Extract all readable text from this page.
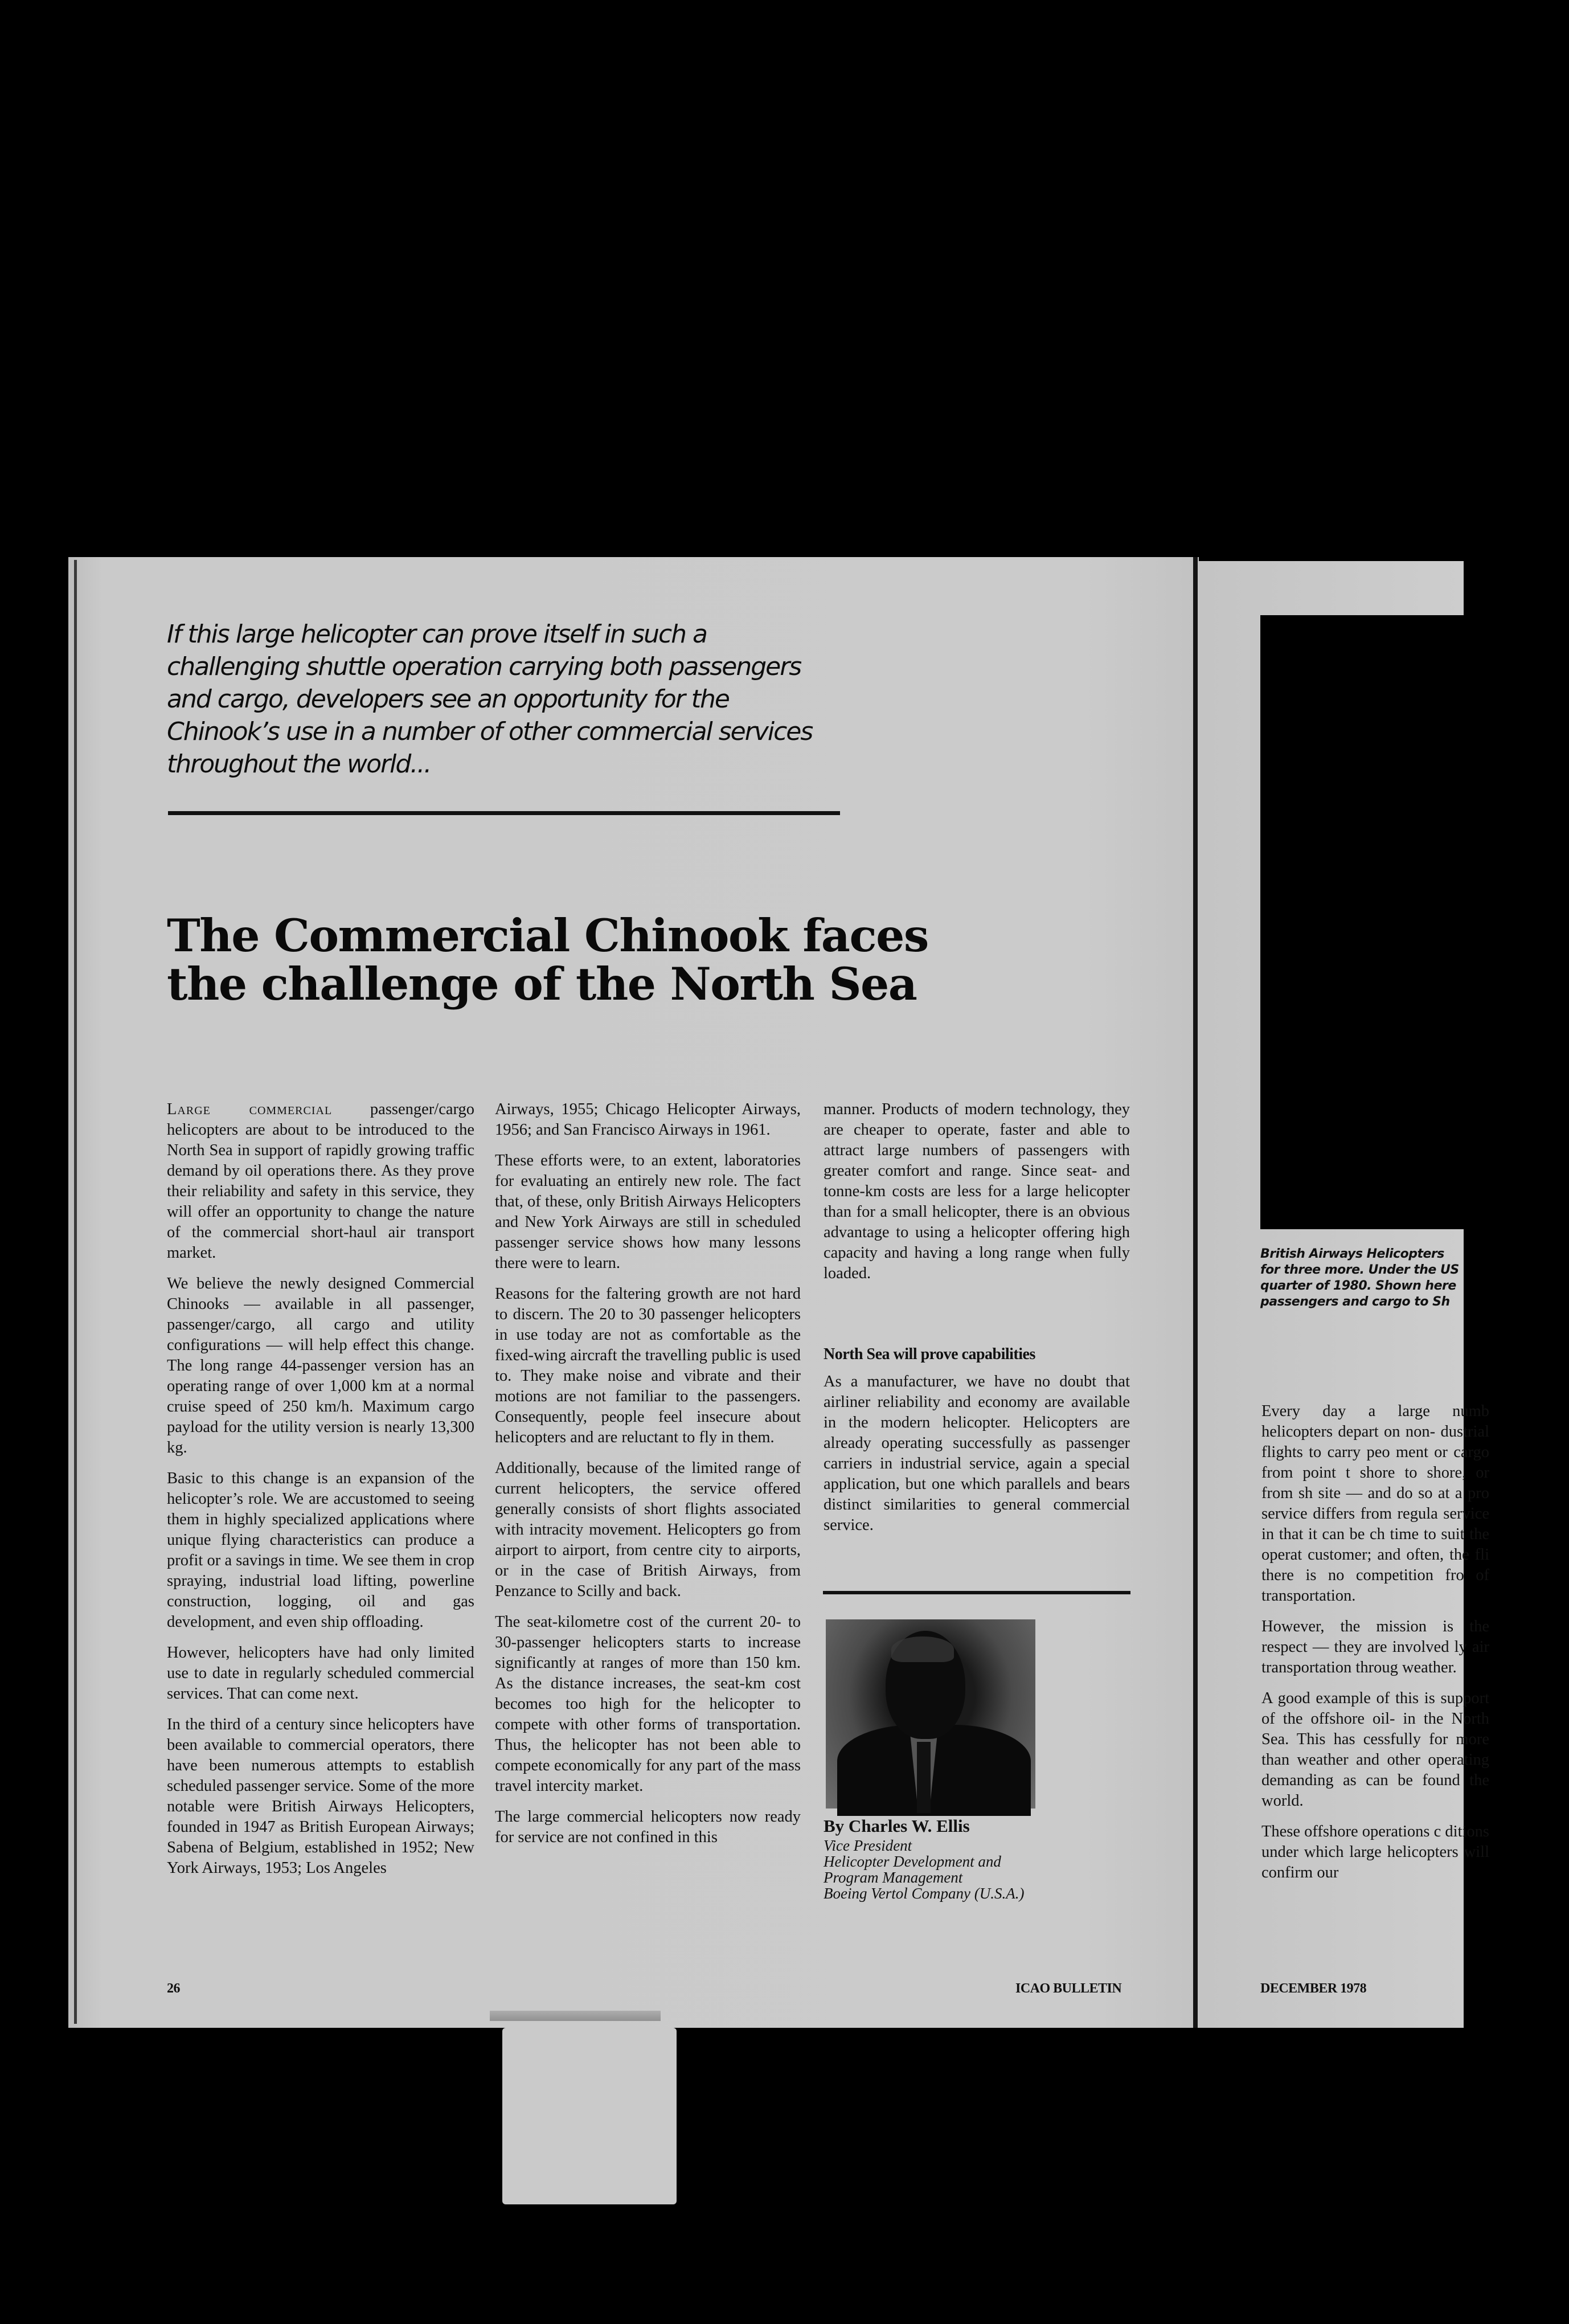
If this large helicopter can prove itself in such a
challenging shuttle operation carrying both passengers
and cargo, developers see an opportunity for the
Chinook’s use in a number of other commercial services
throughout the world...
The Commercial Chinook faces
the challenge of the North Sea

Large commercial passenger/cargo helicopters are about to be introduced to the North Sea in support of rapidly growing traffic demand by oil operations there. As they prove their reliability and safety in this service, they will offer an opportunity to change the nature of the commercial short-haul air transport market.

We believe the newly designed Commercial Chinooks — available in all passenger, passenger/cargo, all cargo and utility configurations — will help effect this change. The long range 44-passenger version has an operating range of over 1,000 km at a normal cruise speed of 250 km/h. Maximum cargo payload for the utility version is nearly 13,300 kg.

Basic to this change is an expansion of the helicopter’s role. We are accustomed to seeing them in highly specialized applications where unique flying characteristics can produce a profit or a savings in time. We see them in crop spraying, industrial load lifting, powerline construction, logging, oil and gas development, and even ship offloading.

However, helicopters have had only limited use to date in regularly scheduled commercial services. That can come next.

In the third of a century since helicopters have been available to commercial operators, there have been numerous attempts to establish scheduled passenger service. Some of the more notable were British Airways Helicopters, founded in 1947 as British European Airways; Sabena of Belgium, established in 1952; New York Airways, 1953; Los Angeles

Airways, 1955; Chicago Helicopter Airways, 1956; and San Francisco Airways in 1961.

These efforts were, to an extent, laboratories for evaluating an entirely new role. The fact that, of these, only British Airways Helicopters and New York Airways are still in scheduled passenger service shows how many lessons there were to learn.

Reasons for the faltering growth are not hard to discern. The 20 to 30 passenger helicopters in use today are not as comfortable as the fixed-wing aircraft the travelling public is used to. They make noise and vibrate and their motions are not familiar to the passengers. Consequently, people feel insecure about helicopters and are reluctant to fly in them.

Additionally, because of the limited range of current helicopters, the service offered generally consists of short flights associated with intracity movement. Helicopters go from airport to airport, from centre city to airports, or in the case of British Airways, from Penzance to Scilly and back.

The seat-kilometre cost of the current 20- to 30-passenger helicopters starts to increase significantly at ranges of more than 150 km. As the distance increases, the seat-km cost becomes too high for the helicopter to compete with other forms of transportation. Thus, the helicopter has not been able to compete economically for any part of the mass travel intercity market.

The large commercial helicopters now ready for service are not confined in this

manner. Products of modern technology, they are cheaper to operate, faster and able to attract large numbers of passengers with greater comfort and range. Since seat- and tonne-km costs are less for a large helicopter than for a small helicopter, there is an obvious advantage to using a helicopter offering high capacity and having a long range when fully loaded.

North Sea will prove capabilities

As a manufacturer, we have no doubt that airliner reliability and economy are available in the modern helicopter. Helicopters are already operating successfully as passenger carriers in industrial service, again a special application, but one which parallels and bears distinct similarities to general commercial service.

By Charles W. Ellis
Vice President
Helicopter Development and
Program Management
Boeing Vertol Company (U.S.A.)
British Airways Helicopters
for three more. Under the US
quarter of 1980. Shown here
passengers and cargo to Sh

Every day a large numb helicopters depart on non- dustrial flights to carry peo ment or cargo from point t shore to shore, or from sh site — and do so at a pro service differs from regula service in that it can be ch time to suit the operat customer; and often, the fli there is no competition fro of transportation.

However, the mission is the respect — they are involved ly air transportation throug weather.

A good example of this is support of the offshore oil- in the North Sea. This has cessfully for more than weather and other operating demanding as can be found the world.

These offshore operations c ditions under which large helicopters will confirm our

26	ICAO BULLETIN	DECEMBER 1978
